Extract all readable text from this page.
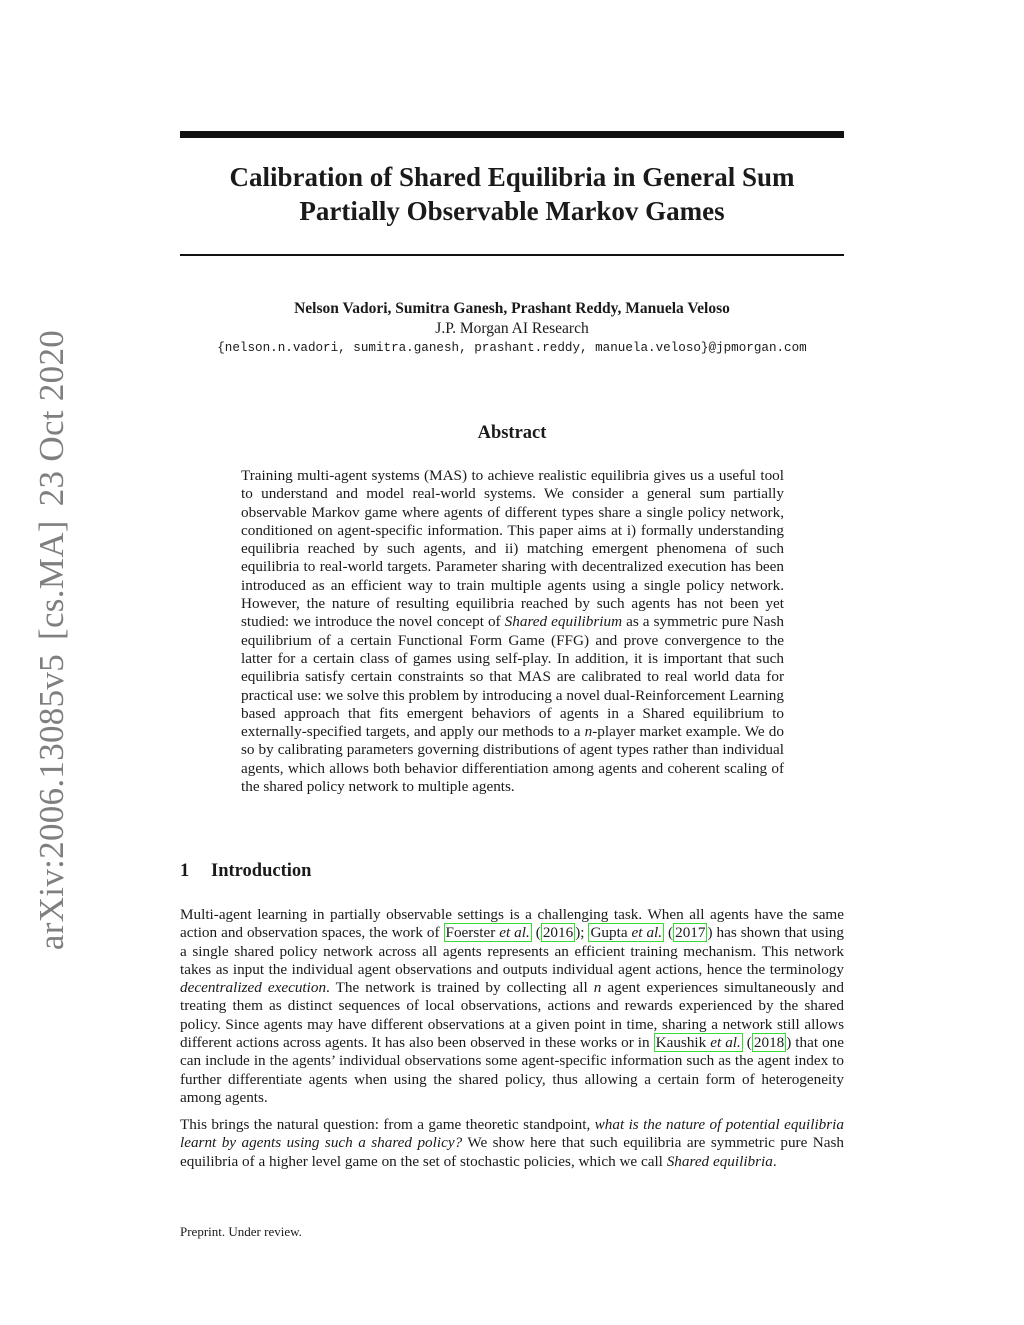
arXiv:2006.13085v5[cs.MA]23 Oct 2020
Calibration of Shared Equilibria in General Sum
Partially Observable Markov Games
Nelson Vadori, Sumitra Ganesh, Prashant Reddy, Manuela Veloso
J.P. Morgan AI Research
{nelson.n.vadori, sumitra.ganesh, prashant.reddy, manuela.veloso}@jpmorgan.com
Abstract

Training multi-agent systems (MAS) to achieve realistic equilibria gives us a useful tool to understand and model real-world systems. We consider a general sum partially observable Markov game where agents of different types share a single policy network, conditioned on agent-specific information. This paper aims at i) formally understanding equilibria reached by such agents, and ii) matching emergent phenomena of such equilibria to real-world targets. Parameter sharing with decentralized execution has been introduced as an efficient way to train multiple agents using a single policy network. However, the nature of resulting equilibria reached by such agents has not been yet studied: we introduce the novel concept of Shared equilibrium as a symmetric pure Nash equilibrium of a certain Functional Form Game (FFG) and prove convergence to the latter for a certain class of games using self-play. In addition, it is important that such equilibria satisfy certain constraints so that MAS are calibrated to real world data for practical use: we solve this problem by introducing a novel dual-Reinforcement Learning based approach that fits emergent behaviors of agents in a Shared equilibrium to externally-specified targets, and apply our methods to a n-player market example. We do so by calibrating parameters governing distributions of agent types rather than individual agents, which allows both behavior differentiation among agents and coherent scaling of the shared policy network to multiple agents.

1 Introduction

Multi-agent learning in partially observable settings is a challenging task. When all agents have the same action and observation spaces, the work of Foerster et al. ( 2016 ); Gupta et al. ( 2017 ) has shown that using a single shared policy network across all agents represents an efficient training mechanism. This network takes as input the individual agent observations and outputs individual agent actions, hence the terminology decentralized execution. The network is trained by collecting all n agent experiences simultaneously and treating them as distinct sequences of local observations, actions and rewards experienced by the shared policy. Since agents may have different observations at a given point in time, sharing a network still allows different actions across agents. It has also been observed in these works or in Kaushik et al. ( 2018 ) that one can include in the agents’ individual observations some agent-specific information such as the agent index to further differentiate agents when using the shared policy, thus allowing a certain form of heterogeneity among agents.

This brings the natural question: from a game theoretic standpoint, what is the nature of potential equilibria learnt by agents using such a shared policy? We show here that such equilibria are symmetric pure Nash equilibria of a higher level game on the set of stochastic policies, which we call Shared equilibria.

Preprint. Under review.
